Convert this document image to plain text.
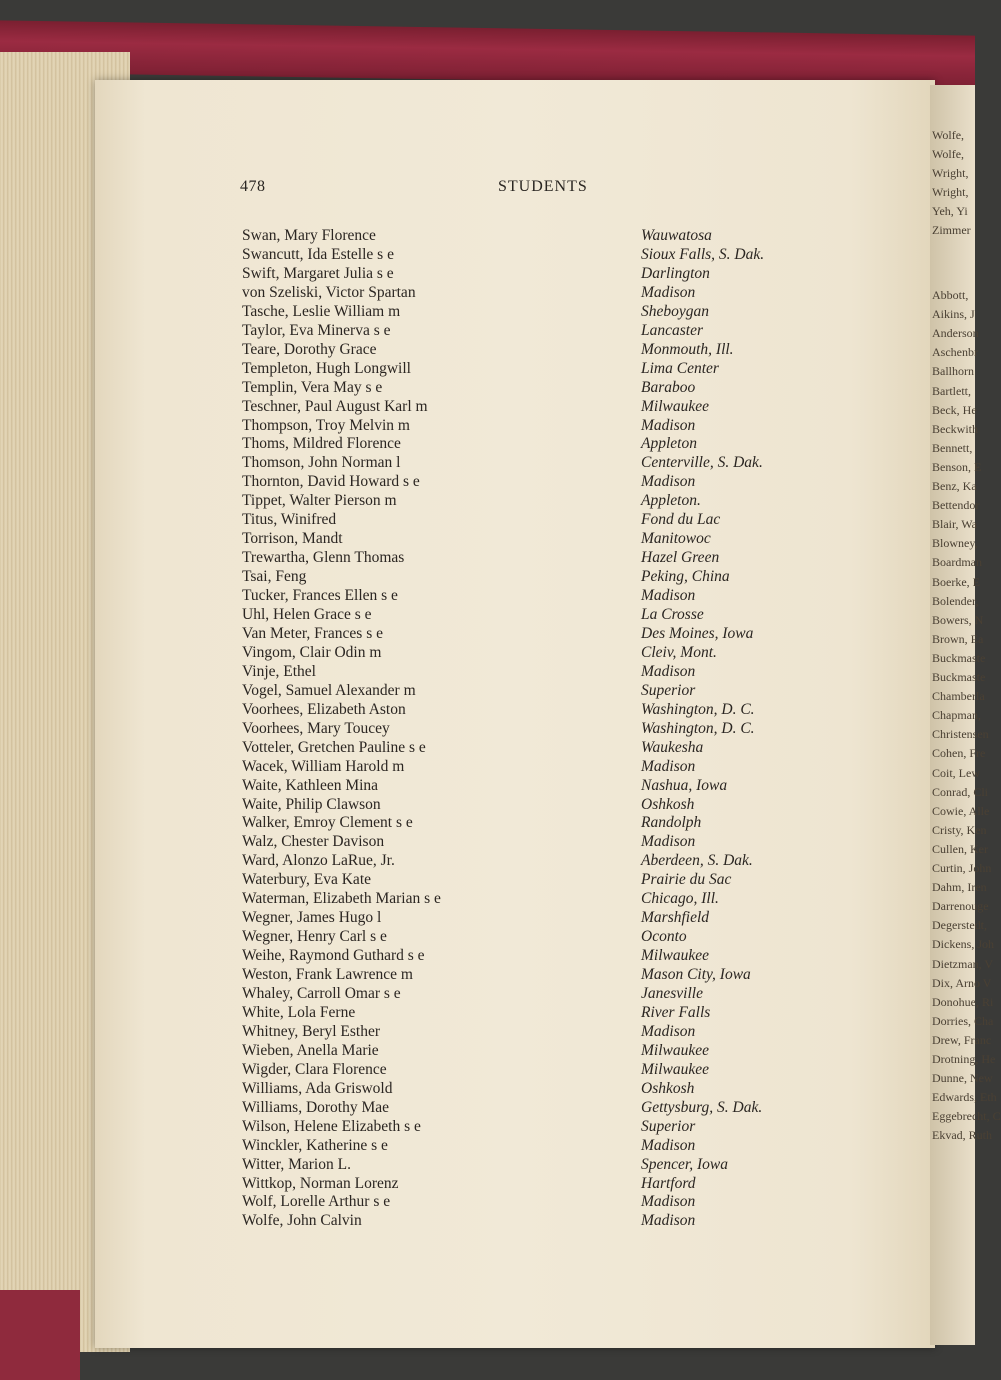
Wolfe,
Wolfe,
Wright,
Wright,
Yeh, Yi
Zimmer
Abbott,
Aikins, J
Anderson
Aschenbr
Ballhorn
Bartlett,
Beck, He
Beckwith
Bennett,
Benson, E
Benz, Ka
Bettendor
Blair, Wa
Blowney,
Boardman
Boerke, E
Bolender,
Bowers, N
Brown, Ea
Buckmaste
Buckmaste
Chamberla
Chapman,
Christensen
Cohen, Fre
Coit, Lew
Conrad, Cli
Cowie, Alle
Cristy, Ken
Cullen, Ker
Curtin, John
Dahm, Iren
Darrenouge
Degerstedt,
Dickens, Joh
Dietzman, V
Dix, Arno V
Donohue, Ri
Dorries, Cha
Drew, Franc
Drotning, He
Dunne, New
Edwards, Eth
Eggebrecht, C
Ekvad, Ruth
478	STUDENTS
Swan, Mary Florence	Wauwatosa
Swancutt, Ida Estelle s e	Sioux Falls, S. Dak.
Swift, Margaret Julia s e	Darlington
von Szeliski, Victor Spartan	Madison
Tasche, Leslie William m	Sheboygan
Taylor, Eva Minerva s e	Lancaster
Teare, Dorothy Grace	Monmouth, Ill.
Templeton, Hugh Longwill	Lima Center
Templin, Vera May s e	Baraboo
Teschner, Paul August Karl m	Milwaukee
Thompson, Troy Melvin m	Madison
Thoms, Mildred Florence	Appleton
Thomson, John Norman l	Centerville, S. Dak.
Thornton, David Howard s e	Madison
Tippet, Walter Pierson m	Appleton.
Titus, Winifred	Fond du Lac
Torrison, Mandt	Manitowoc
Trewartha, Glenn Thomas	Hazel Green
Tsai, Feng	Peking, China
Tucker, Frances Ellen s e	Madison
Uhl, Helen Grace s e	La Crosse
Van Meter, Frances s e	Des Moines, Iowa
Vingom, Clair Odin m	Cleiv, Mont.
Vinje, Ethel	Madison
Vogel, Samuel Alexander m	Superior
Voorhees, Elizabeth Aston	Washington, D. C.
Voorhees, Mary Toucey	Washington, D. C.
Votteler, Gretchen Pauline s e	Waukesha
Wacek, William Harold m	Madison
Waite, Kathleen Mina	Nashua, Iowa
Waite, Philip Clawson	Oshkosh
Walker, Emroy Clement s e	Randolph
Walz, Chester Davison	Madison
Ward, Alonzo LaRue, Jr.	Aberdeen, S. Dak.
Waterbury, Eva Kate	Prairie du Sac
Waterman, Elizabeth Marian s e	Chicago, Ill.
Wegner, James Hugo l	Marshfield
Wegner, Henry Carl s e	Oconto
Weihe, Raymond Guthard s e	Milwaukee
Weston, Frank Lawrence m	Mason City, Iowa
Whaley, Carroll Omar s e	Janesville
White, Lola Ferne	River Falls
Whitney, Beryl Esther	Madison
Wieben, Anella Marie	Milwaukee
Wigder, Clara Florence	Milwaukee
Williams, Ada Griswold	Oshkosh
Williams, Dorothy Mae	Gettysburg, S. Dak.
Wilson, Helene Elizabeth s e	Superior
Winckler, Katherine s e	Madison
Witter, Marion L.	Spencer, Iowa
Wittkop, Norman Lorenz	Hartford
Wolf, Lorelle Arthur s e	Madison
Wolfe, John Calvin	Madison
